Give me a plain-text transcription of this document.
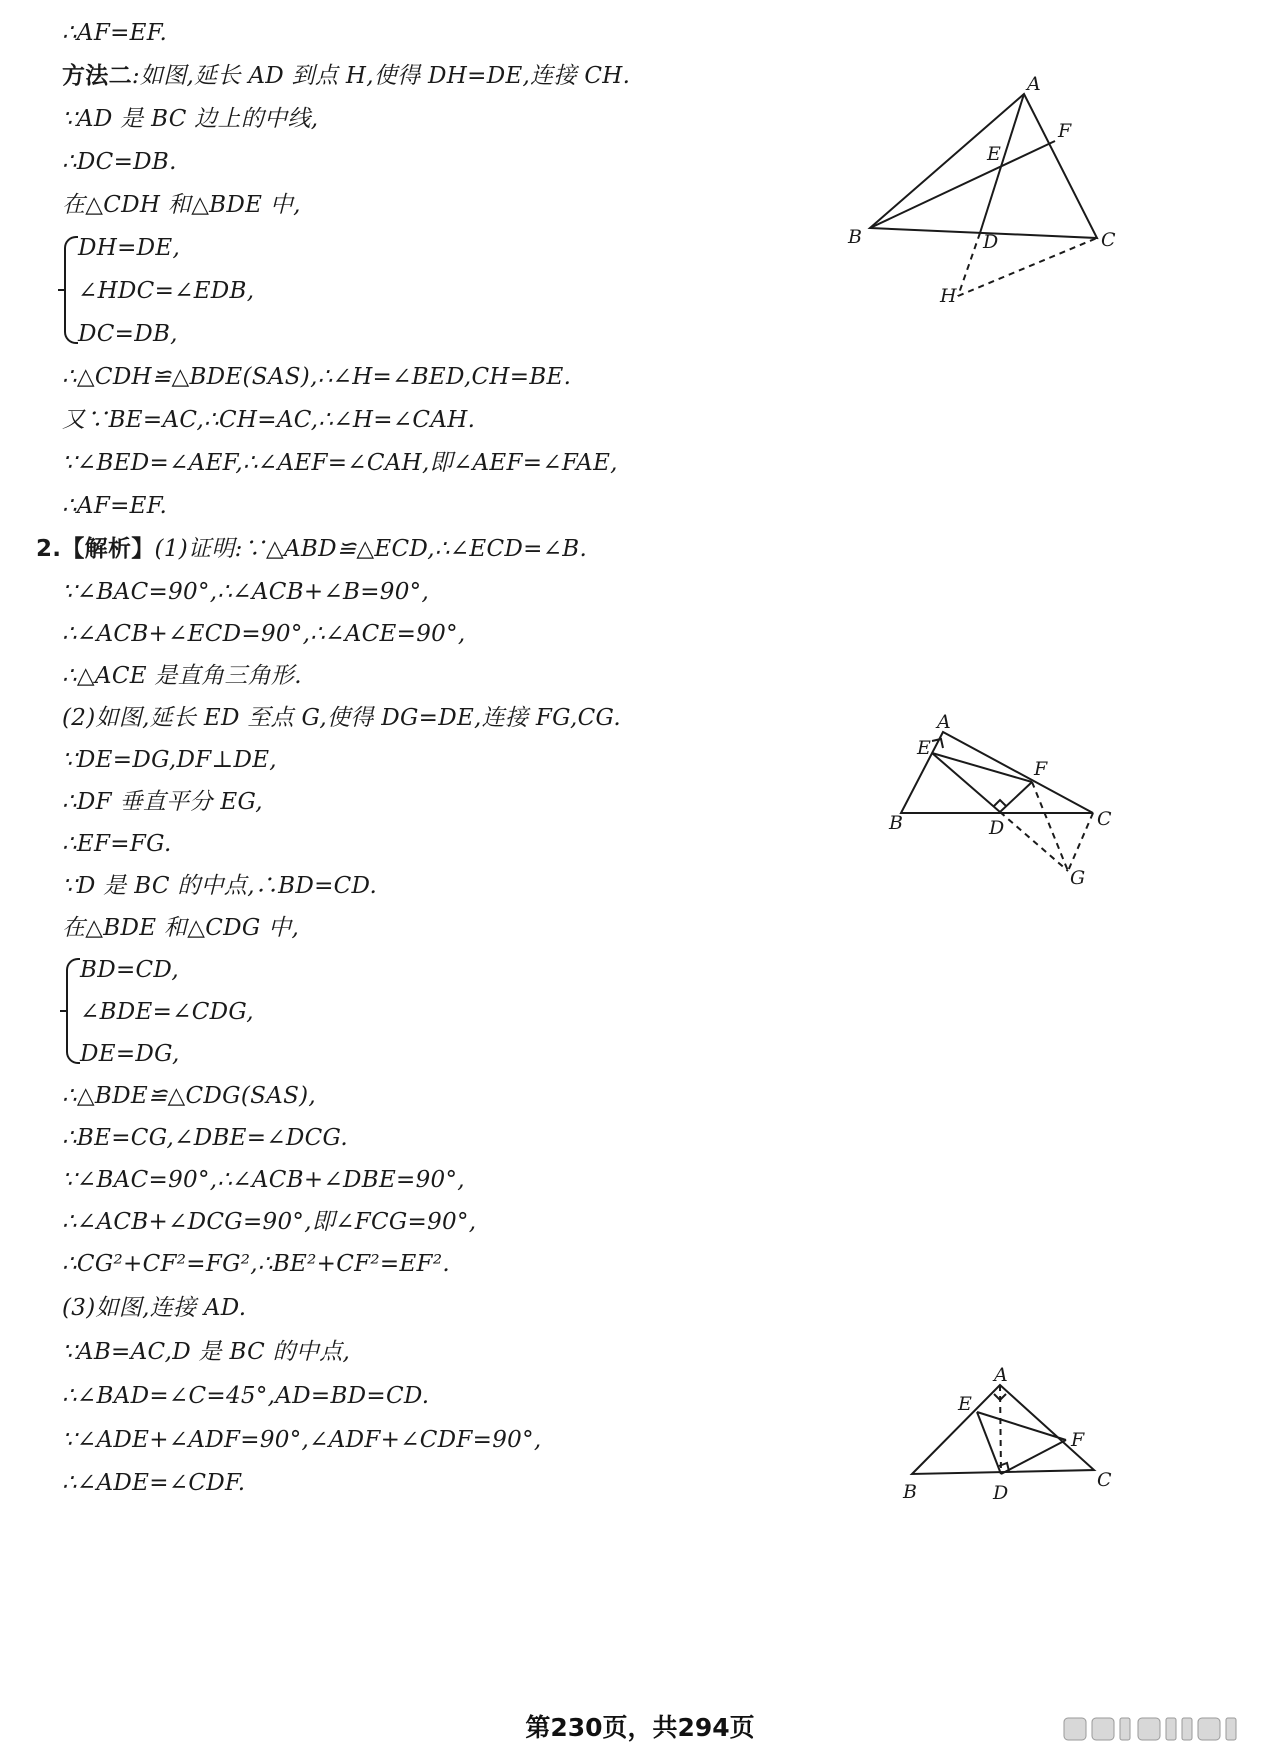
∴AF=EF.
方法二:如图,延长 AD 到点 H,使得 DH=DE,连接 CH.
∵AD 是 BC 边上的中线,
∴DC=DB.
在△CDH 和△BDE 中,
DH=DE,
∠HDC=∠EDB,
DC=DB,
∴△CDH≌△BDE(SAS),∴∠H=∠BED,CH=BE.
又∵BE=AC,∴CH=AC,∴∠H=∠CAH.
∵∠BED=∠AEF,∴∠AEF=∠CAH,即∠AEF=∠FAE,
∴AF=EF.
2.【解析】(1)证明:∵△ABD≌△ECD,∴∠ECD=∠B.
∵∠BAC=90°,∴∠ACB+∠B=90°,
∴∠ACB+∠ECD=90°,∴∠ACE=90°,
∴△ACE 是直角三角形.
(2)如图,延长 ED 至点 G,使得 DG=DE,连接 FG,CG.
∵DE=DG,DF⊥DE,
∴DF 垂直平分 EG,
∴EF=FG.
∵D 是 BC 的中点,∴BD=CD.
在△BDE 和△CDG 中,
BD=CD,
∠BDE=∠CDG,
DE=DG,
∴△BDE≌△CDG(SAS),
∴BE=CG,∠DBE=∠DCG.
∵∠BAC=90°,∴∠ACB+∠DBE=90°,
∴∠ACB+∠DCG=90°,即∠FCG=90°,
∴CG²+CF²=FG²,∴BE²+CF²=EF².
(3)如图,连接 AD.
∵AB=AC,D 是 BC 的中点,
∴∠BAD=∠C=45°,AD=BD=CD.
∵∠ADE+∠ADF=90°,∠ADF+∠CDF=90°,
∴∠ADE=∠CDF.
A
F
E
B	D	C
H
A
E
F
B	D	C
G
A
E
F
B	D
C
第230页，共294页
